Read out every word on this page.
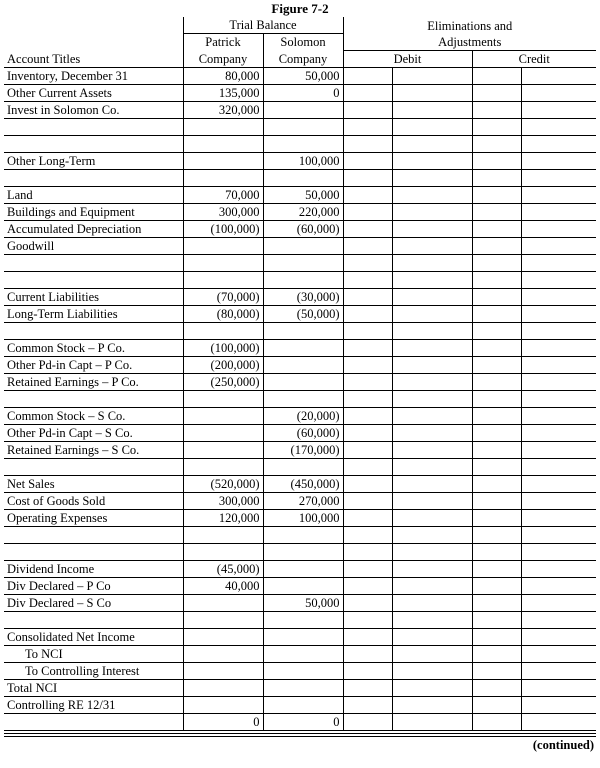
Figure 7-2
	Trial Balance		Eliminations and			
	Patrick	Solomon	Adjustments			
Account Titles	Company	Company	Debit		Credit	
Inventory, December 31	80,000	50,000				
Other Current Assets	135,000	0				
Invest in Solomon Co.	320,000					

Other Long-Term		100,000				

Land	70,000	50,000				
Buildings and Equipment	300,000	220,000				
Accumulated Depreciation	(100,000)	(60,000)				
Goodwill						

Current Liabilities	(70,000)	(30,000)				
Long-Term Liabilities	(80,000)	(50,000)				

Common Stock – P Co.	(100,000)					
Other Pd-in Capt – P Co.	(200,000)					
Retained Earnings – P Co.	(250,000)					

Common Stock – S Co.		(20,000)				
Other Pd-in Capt – S Co.		(60,000)				
Retained Earnings – S Co.		(170,000)				

Net Sales	(520,000)	(450,000)				
Cost of Goods Sold	300,000	270,000				
Operating Expenses	120,000	100,000				

Dividend Income	(45,000)					
Div Declared – P Co	40,000					
Div Declared – S Co		50,000				

Consolidated Net Income						
To NCI						
To Controlling Interest						
Total NCI						
Controlling RE 12/31						
	0	0				
(continued)
